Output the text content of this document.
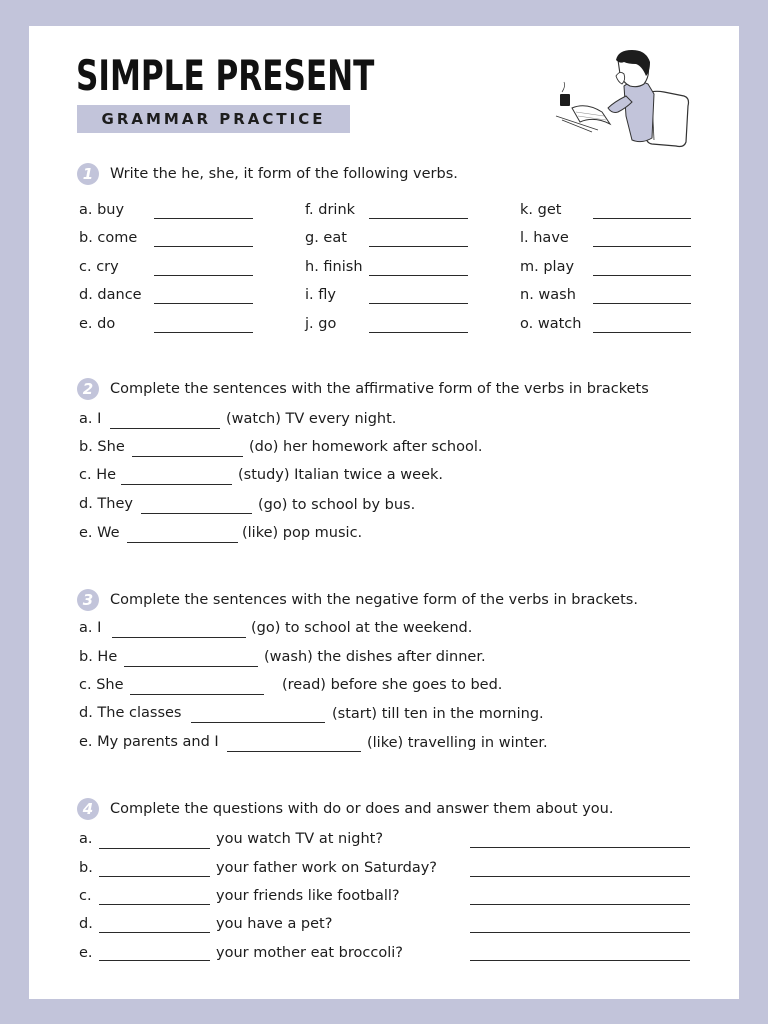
SIMPLE PRESENT
GRAMMAR PRACTICE
1	Write the he, she, it form of the following verbs.
a. buy
b. come
c. cry
d. dance
e. do
f. drink
g. eat
h. finish
i. fly
j. go
k. get
l. have
m. play
n. wash
o. watch
2	Complete the sentences with the affirmative form of the verbs in brackets
a. I	(watch) TV every night.
b. She	(do) her homework after school.
c. He	(study) Italian twice a week.
d. They	(go) to school by bus.
e. We	(like) pop music.
3	Complete the sentences with the negative form of the verbs in brackets.
a. I	(go) to school at the weekend.
b. He	(wash) the dishes after dinner.
c. She	(read) before she goes to bed.
d. The classes	(start) till ten in the morning.
e. My parents and I	(like) travelling in winter.
4	Complete the questions with do or does and answer them about you.
a.	you watch TV at night?
b.	your father work on Saturday?
c.	your friends like football?
d.	you have a pet?
e.	your mother eat broccoli?
